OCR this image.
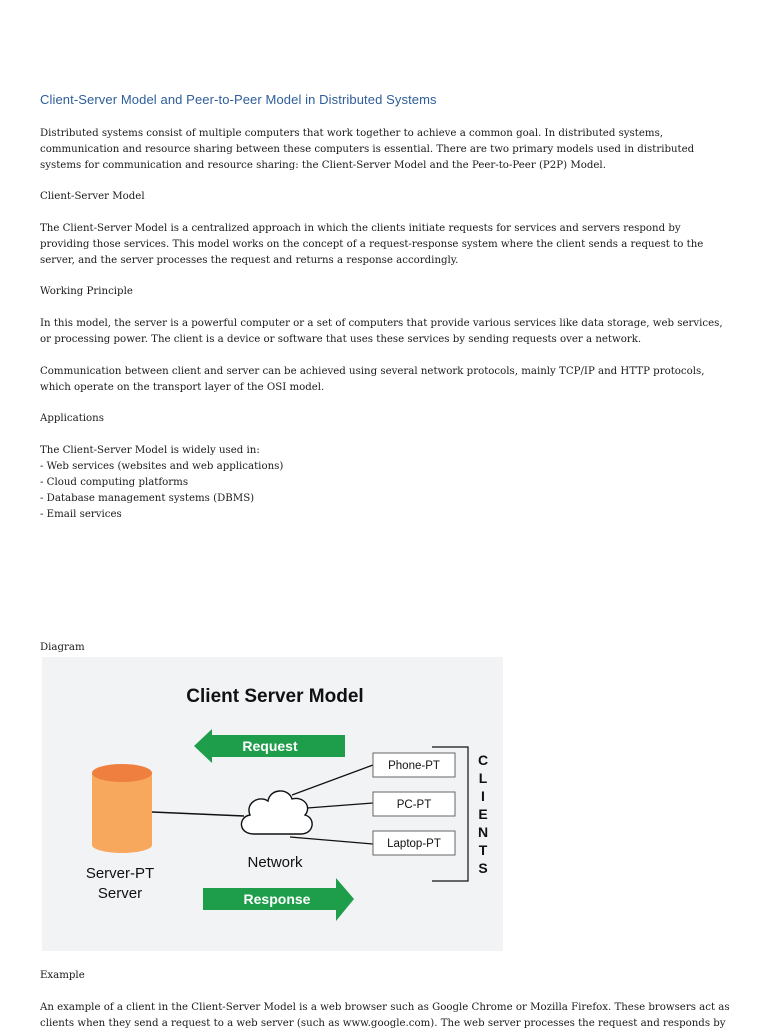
Client-Server Model and Peer-to-Peer Model in Distributed Systems

Distributed systems consist of multiple computers that work together to achieve a common goal. In distributed systems, communication and resource sharing between these computers is essential. There are two primary models used in distributed systems for communication and resource sharing: the Client-Server Model and the Peer-to-Peer (P2P) Model.

Client-Server Model

The Client-Server Model is a centralized approach in which the clients initiate requests for services and servers respond by providing those services. This model works on the concept of a request-response system where the client sends a request to the server, and the server processes the request and returns a response accordingly.

Working Principle

In this model, the server is a powerful computer or a set of computers that provide various services like data storage, web services, or processing power. The client is a device or software that uses these services by sending requests over a network.

Communication between client and server can be achieved using several network protocols, mainly TCP/IP and HTTP protocols, which operate on the transport layer of the OSI model.

Applications

The Client-Server Model is widely used in:

- Web services (websites and web applications)
- Cloud computing platforms
- Database management systems (DBMS)
- Email services

Diagram

Client Server Model
Request
Server-PT
Server
Network
Phone-PT
PC-PT
Laptop-PT
C
L
I
E
N
T
S
Response

Example

An example of a client in the Client-Server Model is a web browser such as Google Chrome or Mozilla Firefox. These browsers act as clients when they send a request to a web server (such as www.google.com). The web server processes the request and responds by
